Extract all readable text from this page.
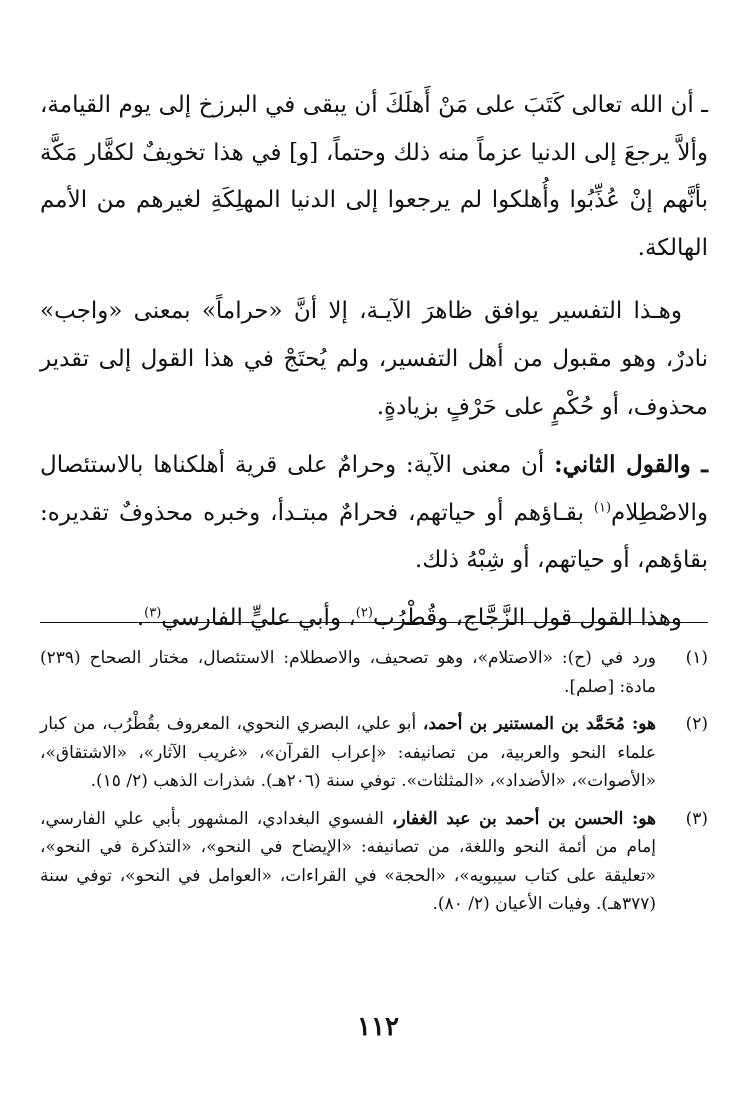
ـ أن الله تعالى كَتَبَ على مَنْ أَهلَكَ أن يبقى في البرزخ إلى يوم القيامة، وألاَّ يرجعَ إلى الدنيا عزماً منه ذلك وحتماً، [و] في هذا تخويفٌ لكفَّار مَكَّة بأنَّهم إنْ عُذِّبُوا وأُهلكوا لم يرجعوا إلى الدنيا المهلِكَةِ لغيرهم من الأمم الهالكة.

وهـذا التفسير يوافق ظاهرَ الآيـة، إلا أنَّ «حراماً» بمعنى «واجب» نادرٌ، وهو مقبول من أهل التفسير، ولم يُحتَجْ في هذا القول إلى تقدير محذوف، أو حُكْمٍ على حَرْفٍ بزيادةٍ.

ـ والقول الثاني: أن معنى الآية: وحرامٌ على قرية أهلكناها بالاستئصال والاصْطِلام$^{(١)}$ بقـاؤهم أو حياتهم، فحرامٌ مبتـدأ، وخبره محذوفٌ تقديره: بقاؤهم، أو حياتهم، أو شِبْهُ ذلك.

وهذا القول قول الزَّجَّاج، وقُطْرُب$^{(٢)}$، وأبي عليٍّ الفارسي$^{(٣)}$.

(١)
ورد في (ح): «الاصتلام»، وهو تصحيف، والاصطلام: الاستئصال، مختار الصحاح (٢٣٩) مادة: [صلم].
(٢)
هو: مُحَمَّد بن المستنير بن أحمد، أبو علي، البصري النحوي، المعروف بقُطْرُب، من كبار علماء النحو والعربية، من تصانيفه: «إعراب القرآن»، «غريب الآثار»، «الاشتقاق»، «الأصوات»، «الأضداد»، «المثلثات». توفي سنة (٢٠٦هـ). شذرات الذهب (٢/ ١٥).
(٣)
هو: الحسن بن أحمد بن عبد الغفار، الفسوي البغدادي، المشهور بأبي علي الفارسي، إمام من أئمة النحو واللغة، من تصانيفه: «الإيضاح في النحو»، «التذكرة في النحو»، «تعليقة على كتاب سيبويه»، «الحجة» في القراءات، «العوامل في النحو»، توفي سنة (٣٧٧هـ). وفيات الأعيان (٢/ ٨٠).
١١٢
